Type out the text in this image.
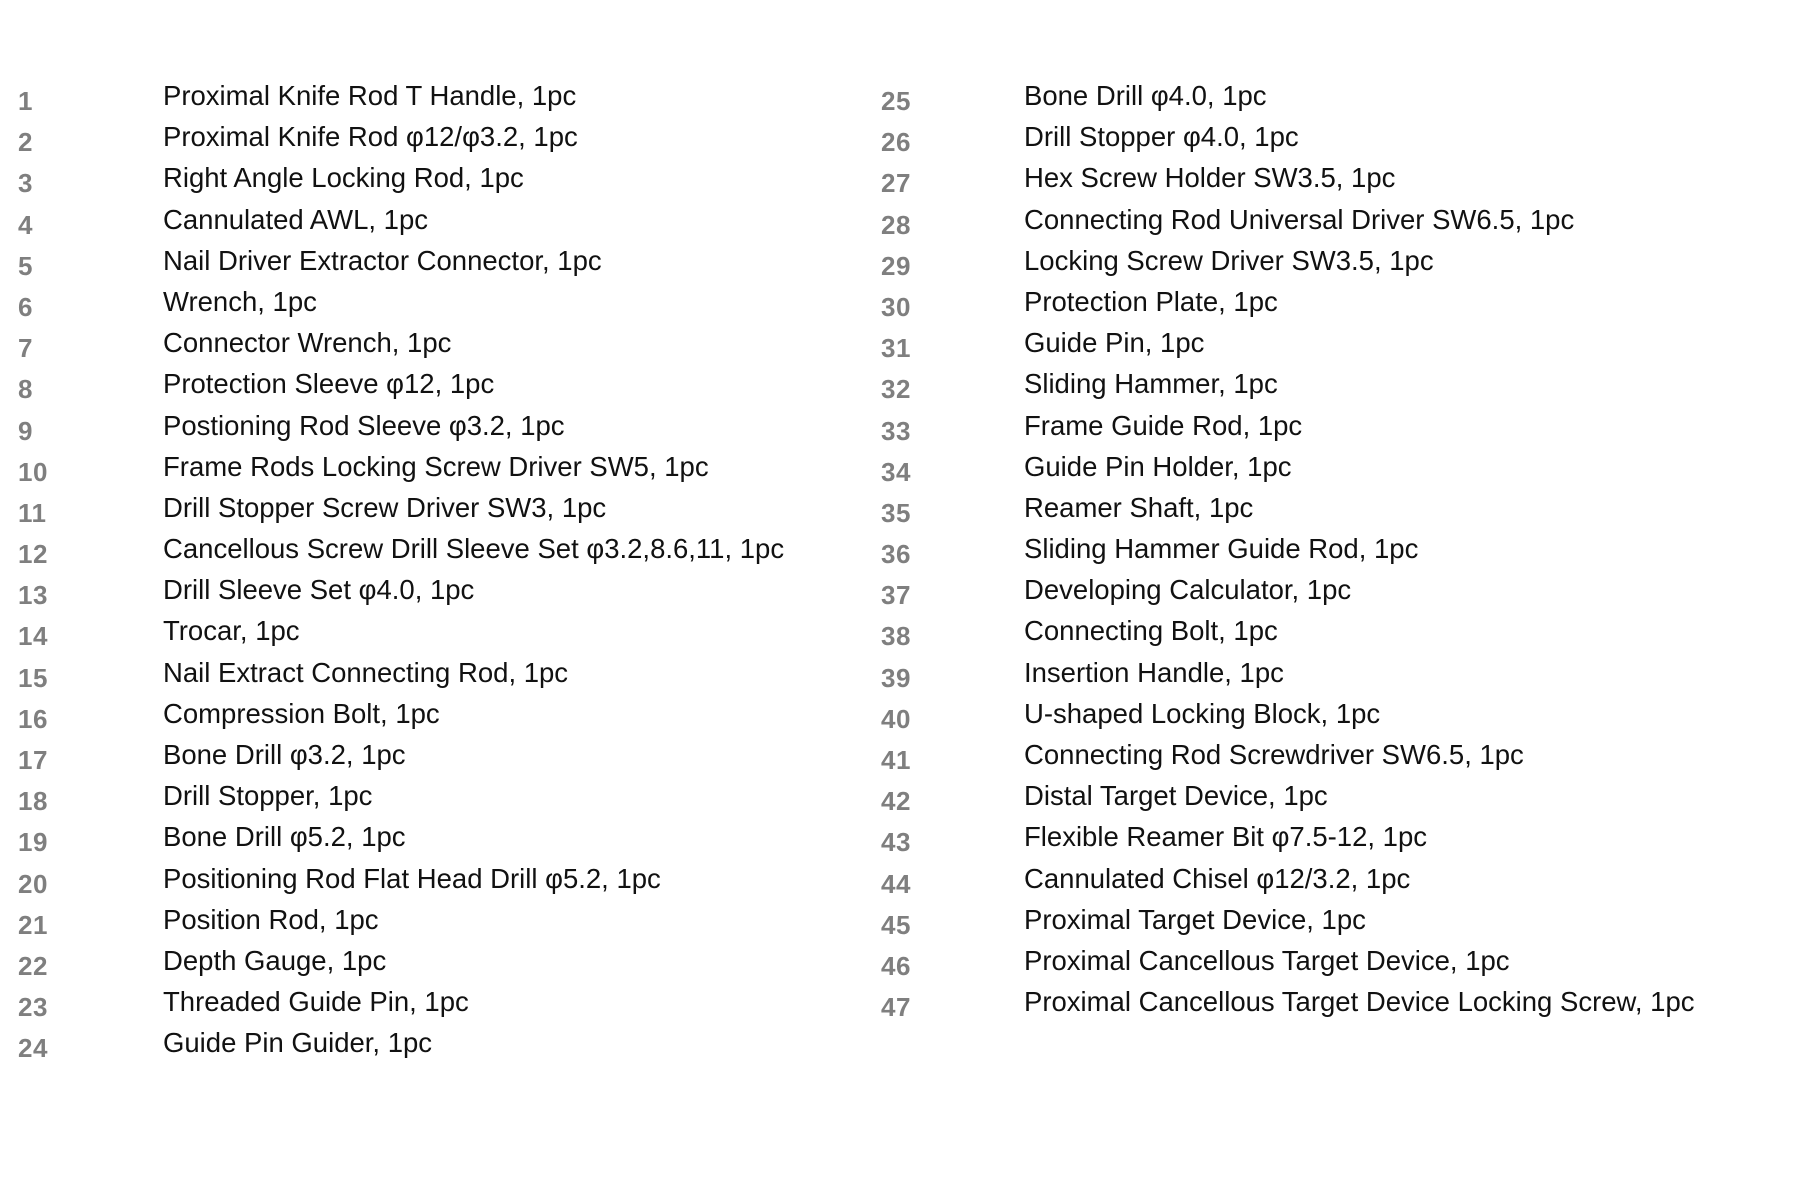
1	Proximal Knife Rod T Handle, 1pc
2	Proximal Knife Rod φ12/φ3.2, 1pc
3	Right Angle Locking Rod, 1pc
4	Cannulated AWL, 1pc
5	Nail Driver Extractor Connector, 1pc
6	Wrench, 1pc
7	Connector Wrench, 1pc
8	Protection Sleeve φ12, 1pc
9	Postioning Rod Sleeve φ3.2, 1pc
10	Frame Rods Locking Screw Driver SW5, 1pc
11	Drill Stopper Screw Driver SW3, 1pc
12	Cancellous Screw Drill Sleeve Set φ3.2,8.6,11, 1pc
13	Drill Sleeve Set φ4.0, 1pc
14	Trocar, 1pc
15	Nail Extract Connecting Rod, 1pc
16	Compression Bolt, 1pc
17	Bone Drill φ3.2, 1pc
18	Drill Stopper, 1pc
19	Bone Drill φ5.2, 1pc
20	Positioning Rod Flat Head Drill φ5.2, 1pc
21	Position Rod, 1pc
22	Depth Gauge, 1pc
23	Threaded Guide Pin, 1pc
24	Guide Pin Guider, 1pc
25	Bone Drill φ4.0, 1pc
26	Drill Stopper φ4.0, 1pc
27	Hex Screw Holder SW3.5, 1pc
28	Connecting Rod Universal Driver SW6.5, 1pc
29	Locking Screw Driver SW3.5, 1pc
30	Protection Plate, 1pc
31	Guide Pin, 1pc
32	Sliding Hammer, 1pc
33	Frame Guide Rod, 1pc
34	Guide Pin Holder, 1pc
35	Reamer Shaft, 1pc
36	Sliding Hammer Guide Rod, 1pc
37	Developing Calculator, 1pc
38	Connecting Bolt, 1pc
39	Insertion Handle, 1pc
40	U-shaped Locking Block, 1pc
41	Connecting Rod Screwdriver SW6.5, 1pc
42	Distal Target Device, 1pc
43	Flexible Reamer Bit φ7.5-12, 1pc
44	Cannulated Chisel φ12/3.2, 1pc
45	Proximal Target Device, 1pc
46	Proximal Cancellous Target Device, 1pc
47	Proximal Cancellous Target Device Locking Screw, 1pc
